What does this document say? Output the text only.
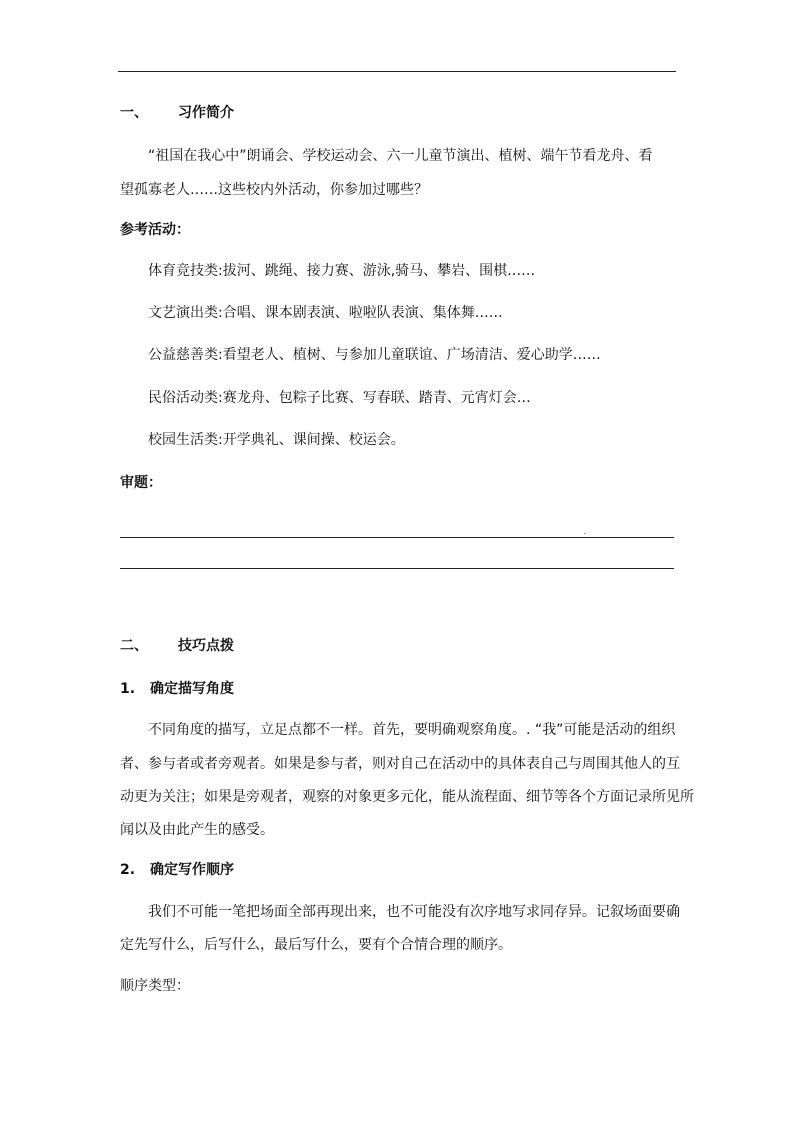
一、 习作简介
“祖国在我心中”朗诵会、学校运动会、六一儿童节演出、植树、端午节看龙舟、看
望孤寡老人……这些校内外活动，你参加过哪些？
参考活动：
体育竞技类:拔河、跳绳、接力赛、游泳,骑马、攀岩、围棋……
文艺演出类:合唱、课本剧表演、啦啦队表演、集体舞……
公益慈善类:看望老人、植树、与参加儿童联谊、广场清洁、爱心助学……
民俗活动类:赛龙舟、包粽子比赛、写春联、踏青、元宵灯会…
校园生活类:开学典礼、课间操、校运会。
审题：
二、 技巧点拨
1. 确定描写角度
不同角度的描写，立足点都不一样。首先，要明确观察角度。. “我”可能是活动的组织
者、参与者或者旁观者。如果是参与者，则对自己在活动中的具体表自己与周围其他人的互
动更为关注；如果是旁观者，观察的对象更多元化，能从流程面、细节等各个方面记录所见所
闻以及由此产生的感受。
2. 确定写作顺序
我们不可能一笔把场面全部再现出来，也不可能没有次序地写求同存异。记叙场面要确
定先写什么，后写什么，最后写什么，要有个合情合理的顺序。
顺序类型：
